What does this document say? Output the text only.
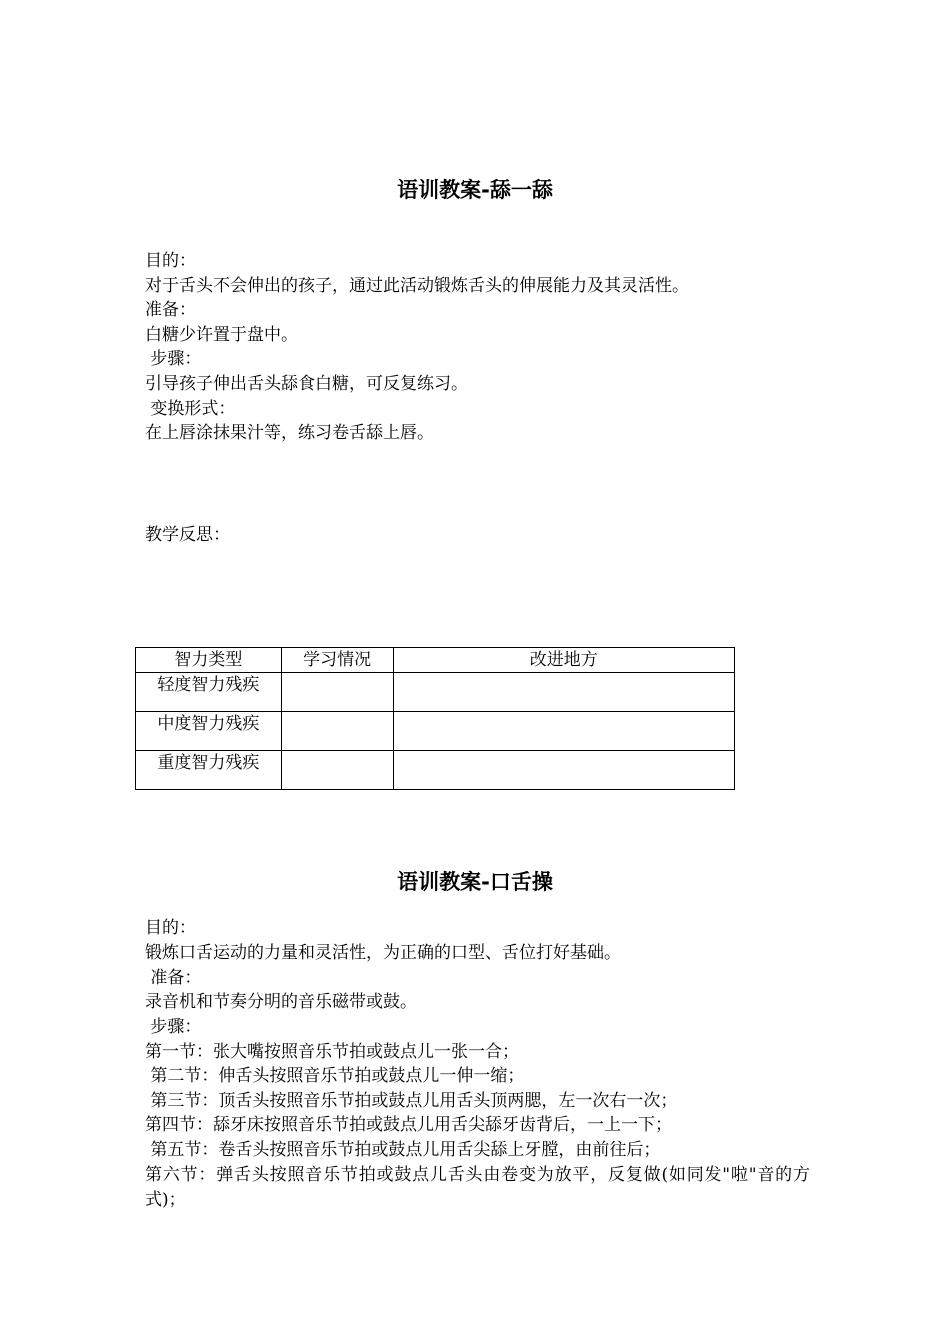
语训教案-舔一舔
目的：
对于舌头不会伸出的孩子，通过此活动锻炼舌头的伸展能力及其灵活性。
准备：
白糖少许置于盘中。
步骤：
引导孩子伸出舌头舔食白糖，可反复练习。
变换形式：
在上唇涂抹果汁等，练习卷舌舔上唇。
教学反思：
智力类型	学习情况	改进地方
轻度智力残疾		
中度智力残疾		
重度智力残疾		
语训教案-口舌操
目的：
锻炼口舌运动的力量和灵活性，为正确的口型、舌位打好基础。
准备：
录音机和节奏分明的音乐磁带或鼓。
步骤：
第一节：张大嘴按照音乐节拍或鼓点儿一张一合；
第二节：伸舌头按照音乐节拍或鼓点儿一伸一缩；
第三节：顶舌头按照音乐节拍或鼓点儿用舌头顶两腮，左一次右一次；
第四节：舔牙床按照音乐节拍或鼓点儿用舌尖舔牙齿背后，一上一下；
第五节：卷舌头按照音乐节拍或鼓点儿用舌尖舔上牙膛，由前往后；
第六节：弹舌头按照音乐节拍或鼓点儿舌头由卷变为放平，反复做(如同发"啦"音的方式)；
